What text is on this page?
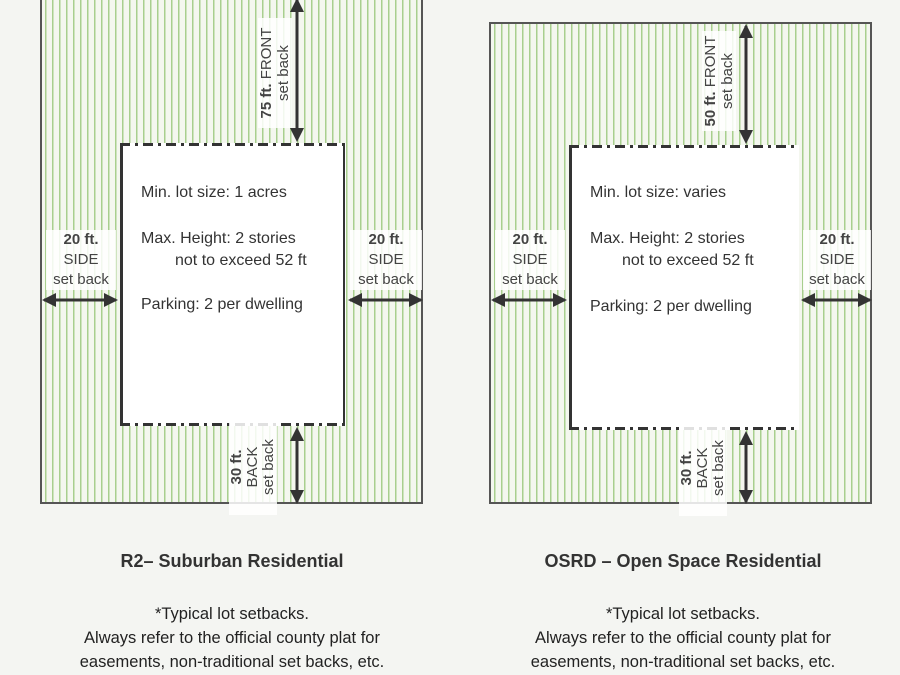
Min. lot size: 1 acres
Max. Height: 2 stories
not to exceed 52 ft
Parking: 2 per dwelling
75 ft. FRONT set back
30 ft. BACK set back
20 ft.
SIDE
set back
20 ft.
SIDE
set back
Min. lot size: varies
Max. Height: 2 stories
not to exceed 52 ft
Parking: 2 per dwelling
50 ft. FRONT set back
30 ft. BACK set back
20 ft.
SIDE
set back
20 ft.
SIDE
set back
R2– Suburban Residential	OSRD – Open Space Residential
*Typical lot setbacks.
Always refer to the official county plat for
easements, non-traditional set backs, etc.
*Typical lot setbacks.
Always refer to the official county plat for
easements, non-traditional set backs, etc.
